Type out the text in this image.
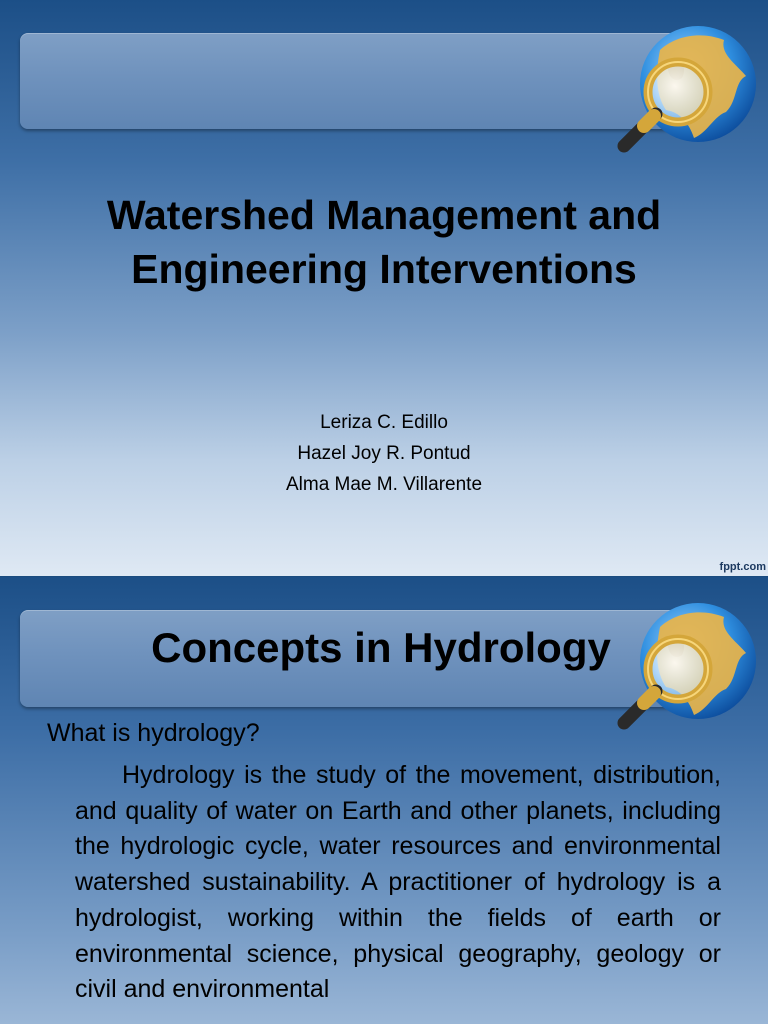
Watershed Management and Engineering Interventions
Leriza C. Edillo
Hazel Joy R. Pontud
Alma Mae M. Villarente
fppt.com
Concepts in Hydrology
What is hydrology?

Hydrology is the study of the movement, distribution, and quality of water on Earth and other planets, including the hydrologic cycle, water resources and environmental watershed sustainability. A practitioner of hydrology is a hydrologist, working within the fields of earth or environmental science, physical geography, geology or civil and environmental
